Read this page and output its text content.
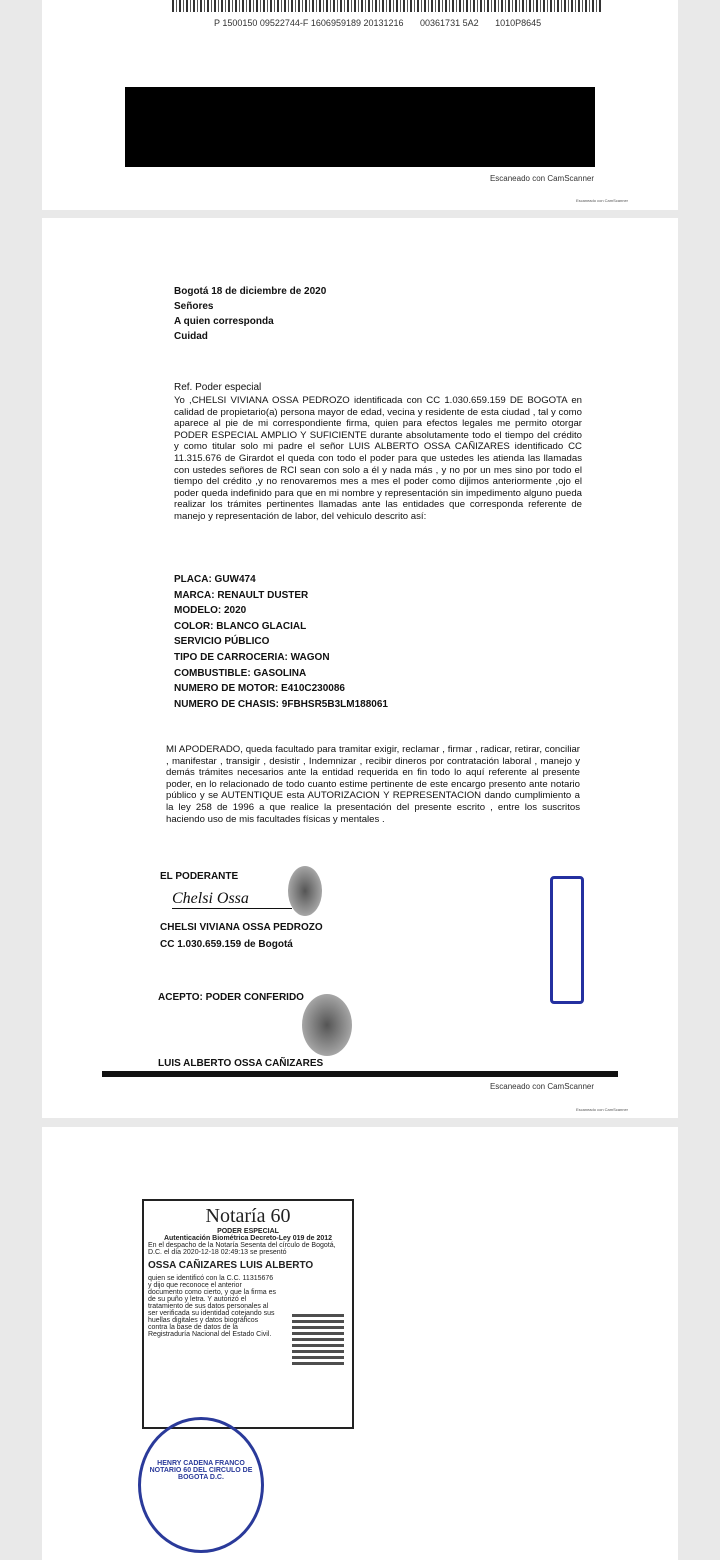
P 1500150 09522744-F 1606959189 20131216 00361731 5A2 1010P8645
Escaneado con CamScanner
Escaneado con CamScanner
Bogotá 18 de diciembre de 2020
Señores
A quien corresponda
Cuidad
Ref. Poder especial
Yo ,CHELSI VIVIANA OSSA PEDROZO identificada con CC 1.030.659.159 DE BOGOTA en calidad de propietario(a) persona mayor de edad, vecina y residente de esta ciudad , tal y como aparece al pie de mi correspondiente firma, quien para efectos legales me permito otorgar PODER ESPECIAL AMPLIO Y SUFICIENTE durante absolutamente todo el tiempo del crédito y como titular solo mi padre el señor LUIS ALBERTO OSSA CAÑIZARES identificado CC 11.315.676 de Girardot el queda con todo el poder para que ustedes les atienda las llamadas con ustedes señores de RCI sean con solo a él y nada más , y no por un mes sino por todo el tiempo del crédito ,y no renovaremos mes a mes el poder como dijimos anteriormente ,ojo el poder queda indefinido para que en mi nombre y representación sin impedimento alguno pueda realizar los trámites pertinentes llamadas ante las entidades que corresponda referente de manejo y representación de labor, del vehiculo descrito así:
PLACA: GUW474
MARCA: RENAULT DUSTER
MODELO: 2020
COLOR: BLANCO GLACIAL
SERVICIO PÚBLICO
TIPO DE CARROCERIA: WAGON
COMBUSTIBLE: GASOLINA
NUMERO DE MOTOR: E410C230086
NUMERO DE CHASIS: 9FBHSR5B3LM188061
MI APODERADO, queda facultado para tramitar exigir, reclamar , firmar , radicar, retirar, conciliar , manifestar , transigir , desistir , Indemnizar , recibir dineros por contratación laboral , manejo y demás trámites necesarios ante la entidad requerida en fin todo lo aquí referente al presente poder, en lo relacionado de todo cuanto estime pertinente de este encargo presento ante notario público y se AUTENTIQUE esta AUTORIZACION Y REPRESENTACION dando cumplimiento a la ley 258 de 1996 a que realice la presentación del presente escrito , entre los suscritos haciendo uso de mis facultades físicas y mentales .
EL PODERANTE
Chelsi Ossa
CHELSI VIVIANA OSSA PEDROZO
CC 1.030.659.159 de Bogotá
ACEPTO: PODER CONFERIDO
LUIS ALBERTO OSSA CAÑIZARES
Escaneado con CamScanner
Escaneado con CamScanner
Notaría 60
PODER ESPECIAL
Autenticación Biométrica Decreto-Ley 019 de 2012
En el despacho de la Notaría Sesenta del círculo de Bogotá, D.C. el día 2020-12-18 02:49:13 se presentó
OSSA CAÑIZARES LUIS ALBERTO
quien se identificó con la C.C. 11315676 y dijo que reconoce el anterior documento como cierto, y que la firma es de su puño y letra. Y autorizó el tratamiento de sus datos personales al ser verificada su identidad cotejando sus huellas digitales y datos biográficos contra la base de datos de la Registraduría Nacional del Estado Civil.
HENRY CADENA FRANCO NOTARIO 60 DEL CIRCULO DE BOGOTA D.C.
